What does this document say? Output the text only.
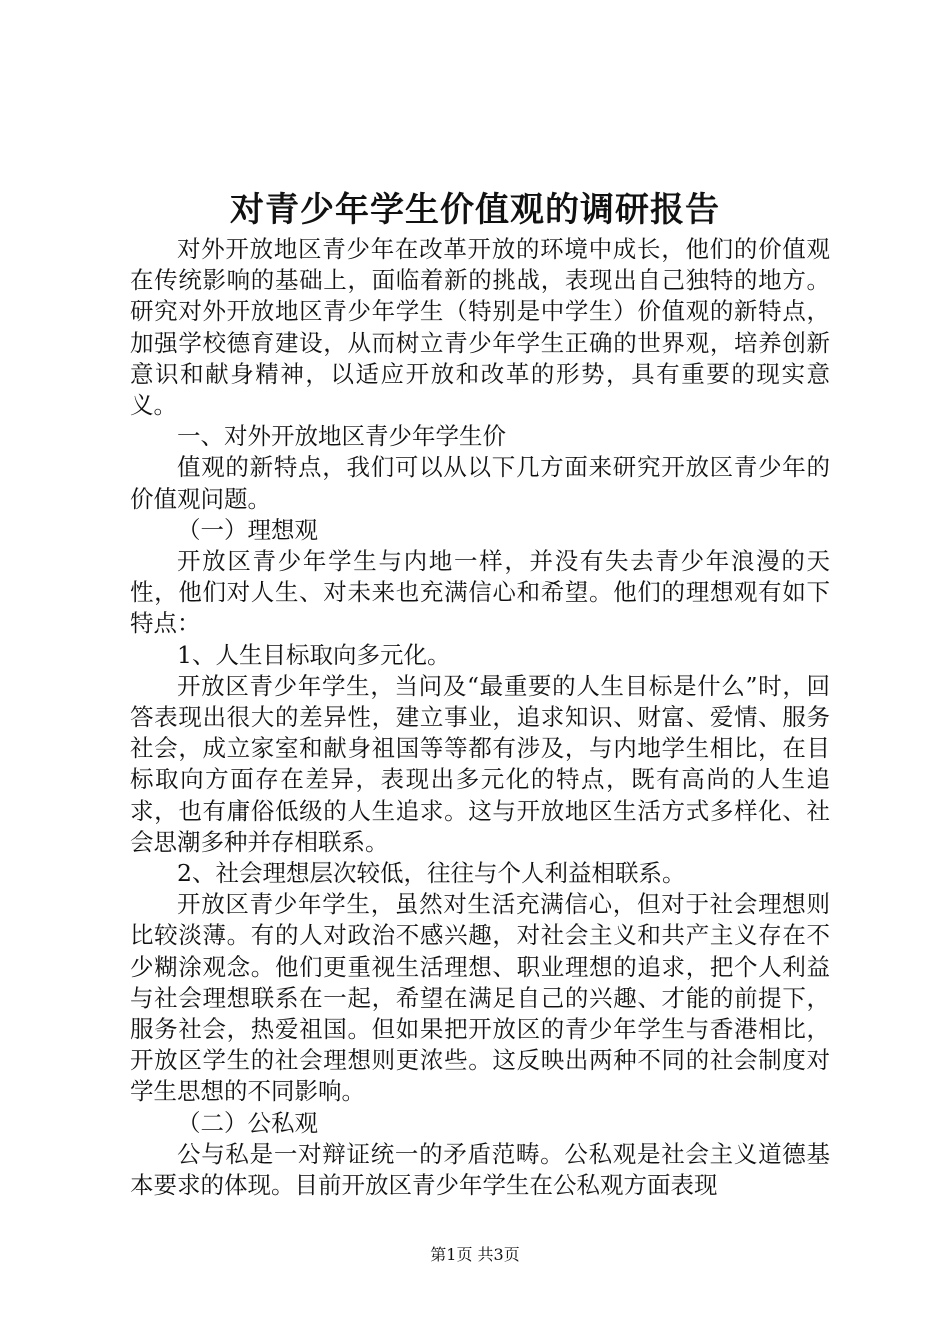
对青少年学生价值观的调研报告

对外开放地区青少年在改革开放的环境中成长，他们的价值观在传统影响的基础上，面临着新的挑战，表现出自己独特的地方。研究对外开放地区青少年学生（特别是中学生）价值观的新特点，加强学校德育建设，从而树立青少年学生正确的世界观，培养创新意识和献身精神，以适应开放和改革的形势，具有重要的现实意义。

一、对外开放地区青少年学生价

值观的新特点，我们可以从以下几方面来研究开放区青少年的价值观问题。

（一）理想观

开放区青少年学生与内地一样，并没有失去青少年浪漫的天性，他们对人生、对未来也充满信心和希望。他们的理想观有如下特点：

1、人生目标取向多元化。

开放区青少年学生，当问及“最重要的人生目标是什么”时，回答表现出很大的差异性，建立事业，追求知识、财富、爱情、服务社会，成立家室和献身祖国等等都有涉及，与内地学生相比，在目标取向方面存在差异，表现出多元化的特点，既有高尚的人生追求，也有庸俗低级的人生追求。这与开放地区生活方式多样化、社会思潮多种并存相联系。

2、社会理想层次较低，往往与个人利益相联系。

开放区青少年学生，虽然对生活充满信心，但对于社会理想则比较淡薄。有的人对政治不感兴趣，对社会主义和共产主义存在不少糊涂观念。他们更重视生活理想、职业理想的追求，把个人利益与社会理想联系在一起，希望在满足自己的兴趣、才能的前提下，服务社会，热爱祖国。但如果把开放区的青少年学生与香港相比，开放区学生的社会理想则更浓些。这反映出两种不同的社会制度对学生思想的不同影响。

（二）公私观

公与私是一对辩证统一的矛盾范畴。公私观是社会主义道德基本要求的体现。目前开放区青少年学生在公私观方面表现

第1页 共3页
